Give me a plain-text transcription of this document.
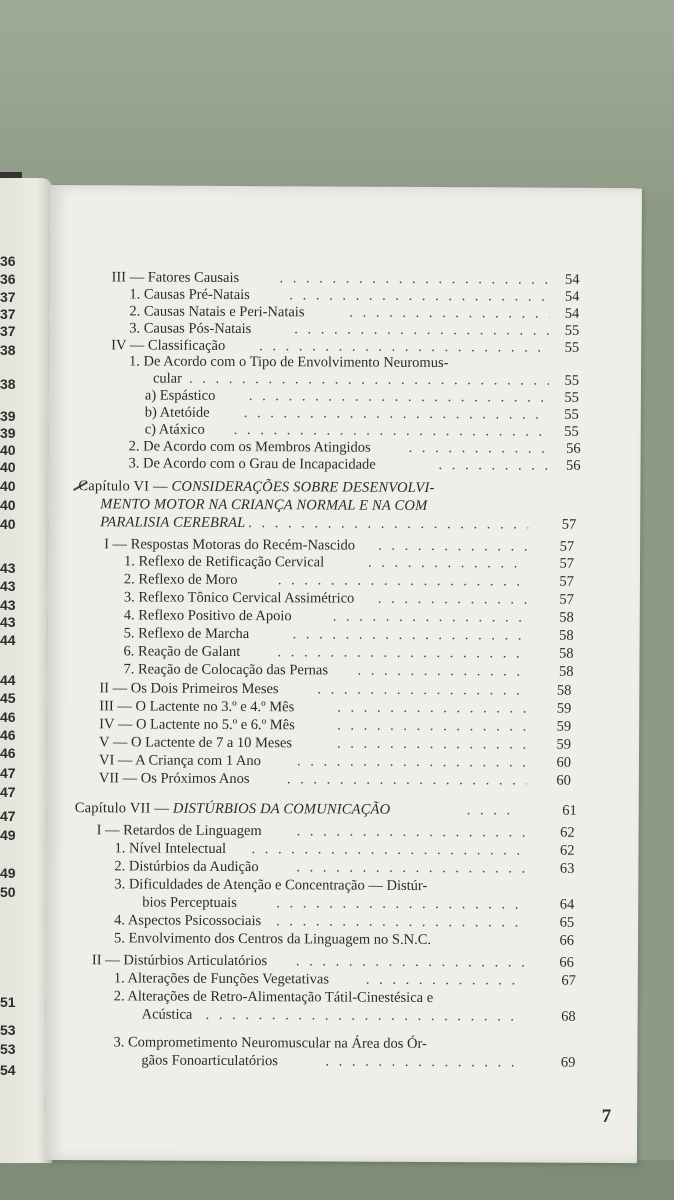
36
36
37
37
37
38
38
39
39
40
40
40
40
40
43
43
43
43
44
44
45
46
46
46
47
47
47
49
49
50
51
53
53
54
III — Fatores Causais . . .	54
1. Causas Pré-Natais . . .	54
2. Causas Natais e Peri-Natais . . .	54
3. Causas Pós-Natais . . .	55
IV — Classificação . . .	55
1. De Acordo com o Tipo de Envolvimento Neuromus-
cular . . .	55
a) Espástico . . .	55
b) Atetóide . . .	55
c) Atáxico . . .	55
2. De Acordo com os Membros Atingidos . . .	56
3. De Acordo com o Grau de Incapacidade . . .	56
Capítulo VI — CONSIDERAÇÕES SOBRE DESENVOLVI-
MENTO MOTOR NA CRIANÇA NORMAL E NA COM
PARALISIA CEREBRAL . . .	57
I — Respostas Motoras do Recém-Nascido . . .	57
1. Reflexo de Retificação Cervical . . .	57
2. Reflexo de Moro . . .	57
3. Reflexo Tônico Cervical Assimétrico . . .	57
4. Reflexo Positivo de Apoio . . .	58
5. Reflexo de Marcha . . .	58
6. Reação de Galant . . .	58
7. Reação de Colocação das Pernas . . .	58
II — Os Dois Primeiros Meses . . .	58
III — O Lactente no 3.º e 4.º Mês . . .	59
IV — O Lactente no 5.º e 6.º Mês . . .	59
V — O Lactente de 7 a 10 Meses . . .	59
VI — A Criança com 1 Ano . . .	60
VII — Os Próximos Anos . . .	60
Capítulo VII — DISTÚRBIOS DA COMUNICAÇÃO . . .	61
I — Retardos de Linguagem . . .	62
1. Nível Intelectual . . .	62
2. Distúrbios da Audição . . .	63
3. Dificuldades de Atenção e Concentração — Distúr-
bios Perceptuais . . .	64
4. Aspectos Psicossociais . . .	65
5. Envolvimento dos Centros da Linguagem no S.N.C.	66
II — Distúrbios Articulatórios . . .	66
1. Alterações de Funções Vegetativas . . .	67
2. Alterações de Retro-Alimentação Tátil-Cinestésica e
Acústica . . .	68
3. Comprometimento Neuromuscular na Área dos Ór-
gãos Fonoarticulatórios . . .	69
7
